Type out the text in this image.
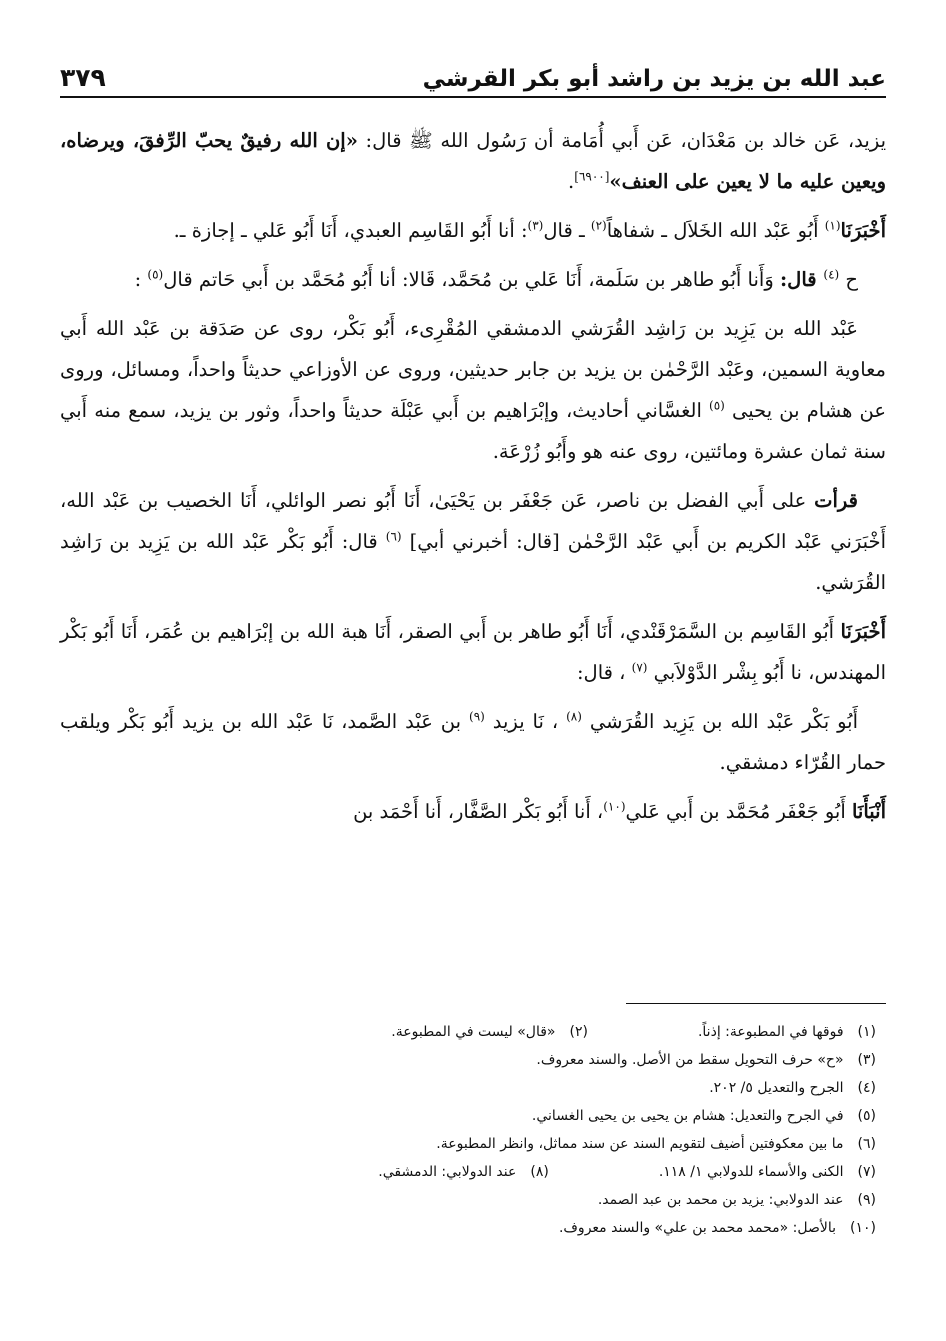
عبد الله بن يزيد بن راشد أبو بكر القرشي
٣٧٩

يزيد، عَن خالد بن مَعْدَان، عَن أَبي أُمَامة أن رَسُول الله ﷺ قال: «إن الله رفيقٌ يحبّ الرِّفقَ، ويرضاه، ويعين عليه ما لا يعين على العنف»[٦٩٠٠].

أَخْبَرَنَا$^{(١)}$ أَبُو عَبْد الله الخَلاَل ـ شفاهاً$^{(٢)}$ ـ قال$^{(٣)}$: أنا أَبُو القَاسِم العبدي، أَنَا أَبُو عَلي ـ إجازة ـ.

ح $^{(٤)}$ قال: وَأَنا أَبُو طاهر بن سَلَمة، أَنَا عَلي بن مُحَمَّد، قَالا: أنا أَبُو مُحَمَّد بن أَبي حَاتم قال$^{(٥)}$ :

عَبْد الله بن يَزِيد بن رَاشِد القُرَشي الدمشقي المُقْرِىء، أَبُو بَكْر، روى عن صَدَقة بن عَبْد الله أَبي معاوية السمين، وعَبْد الرَّحْمٰن بن يزيد بن جابر حديثين، وروى عن الأوزاعي حديثاً واحداً، ومسائل، وروى عن هشام بن يحيى $^{(٥)}$ الغسَّاني أحاديث، وإبْرَاهيم بن أَبي عَبْلَة حديثاً واحداً، وثور بن يزيد، سمع منه أَبي سنة ثمان عشرة ومائتين، روى عنه هو وأَبُو زُرْعَة.

قرأت على أَبي الفضل بن ناصر، عَن جَعْفَر بن يَحْيَىٰ، أَنَا أَبُو نصر الوائلي، أَنَا الخصيب بن عَبْد الله، أَخْبَرَني عَبْد الكريم بن أَبي عَبْد الرَّحْمٰن [قال: أخبرني أبي] $^{(٦)}$ قال: أَبُو بَكْر عَبْد الله بن يَزِيد بن رَاشِد القُرَشي.

أَخْبَرَنَا أَبُو القَاسِم بن السَّمَرْقَنْدي، أَنَا أَبُو طاهر بن أَبي الصقر، أَنَا هبة الله بن إبْرَاهيم بن عُمَر، أَنَا أَبُو بَكْر المهندس، نا أَبُو بِشْر الدَّوْلاَبي $^{(٧)}$ ، قال:

أَبُو بَكْر عَبْد الله بن يَزِيد القُرَشي $^{(٨)}$ ، نَا يزيد $^{(٩)}$ بن عَبْد الصَّمد، نَا عَبْد الله بن يزيد أَبُو بَكْر ويلقب حمار القُرّاء دمشقي.

أَنْبَأَنَا أَبُو جَعْفَر مُحَمَّد بن أَبي عَلي$^{(١٠)}$، أَنا أَبُو بَكْر الصَّفَّار، أَنا أَحْمَد بن

(١)فوقها في المطبوعة: إذناً.
(٢)«قال» ليست في المطبوعة.
(٣)«ح» حرف التحويل سقط من الأصل. والسند معروف.
(٤)الجرح والتعديل ٥/ ٢٠٢.
(٥)في الجرح والتعديل: هشام بن يحيى بن يحيى الغساني.
(٦)ما بين معكوفتين أضيف لتقويم السند عن سند مماثل، وانظر المطبوعة.
(٧)الكنى والأسماء للدولابي ١/ ١١٨.
(٨)عند الدولابي: الدمشقي.
(٩)عند الدولابي: يزيد بن محمد بن عبد الصمد.
(١٠)بالأصل: «محمد محمد بن علي» والسند معروف.
